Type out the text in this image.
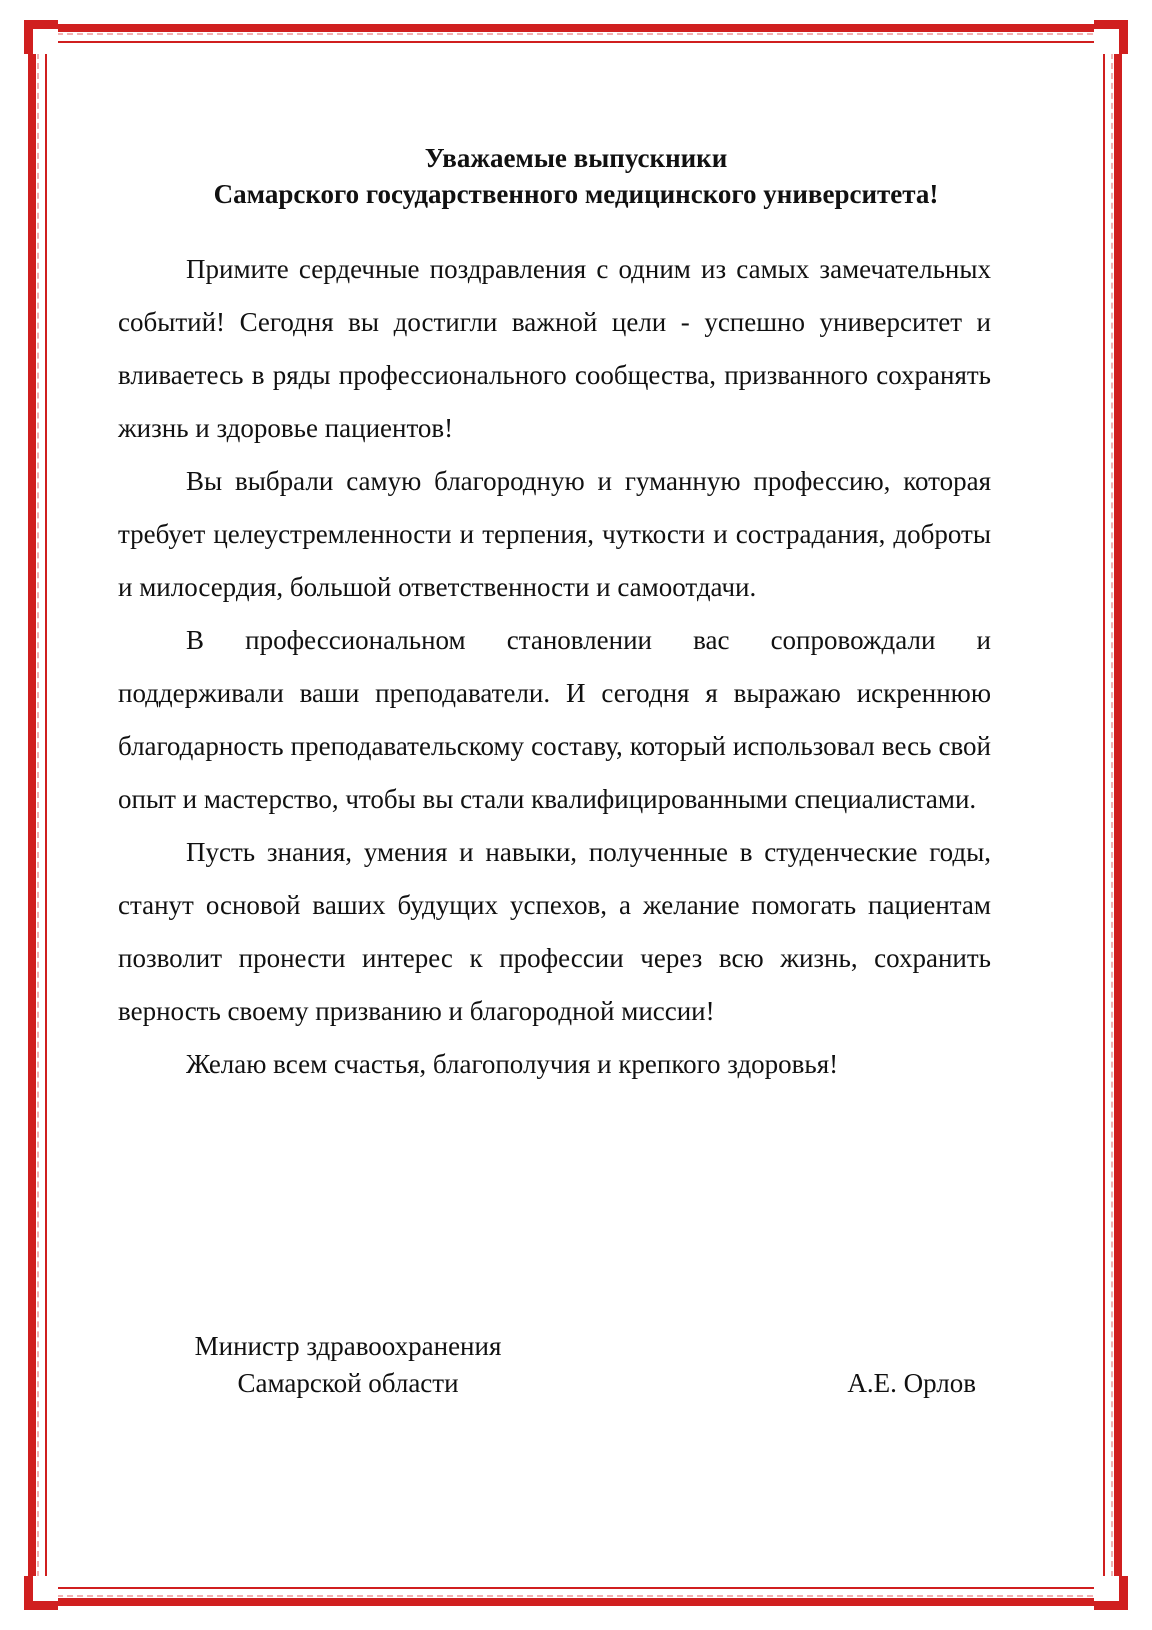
Уважаемые выпускники
Самарского государственного медицинского университета!

Примите сердечные поздравления с одним из самых замечательных событий! Сегодня вы достигли важной цели - успешно университет и вливаетесь в ряды профессионального сообщества, призванного сохранять жизнь и здоровье пациентов!

Вы выбрали самую благородную и гуманную профессию, которая требует целеустремленности и терпения, чуткости и сострадания, доброты и милосердия, большой ответственности и самоотдачи.

В профессиональном становлении вас сопровождали и поддерживали ваши преподаватели. И сегодня я выражаю искреннюю благодарность преподавательскому составу, который использовал весь свой опыт и мастерство, чтобы вы стали квалифицированными специалистами.

Пусть знания, умения и навыки, полученные в студенческие годы, станут основой ваших будущих успехов, а желание помогать пациентам позволит пронести интерес к профессии через всю жизнь, сохранить верность своему призванию и благородной миссии!

Желаю всем счастья, благополучия и крепкого здоровья!

Министр здравоохранения
Самарской области	А.Е. Орлов
